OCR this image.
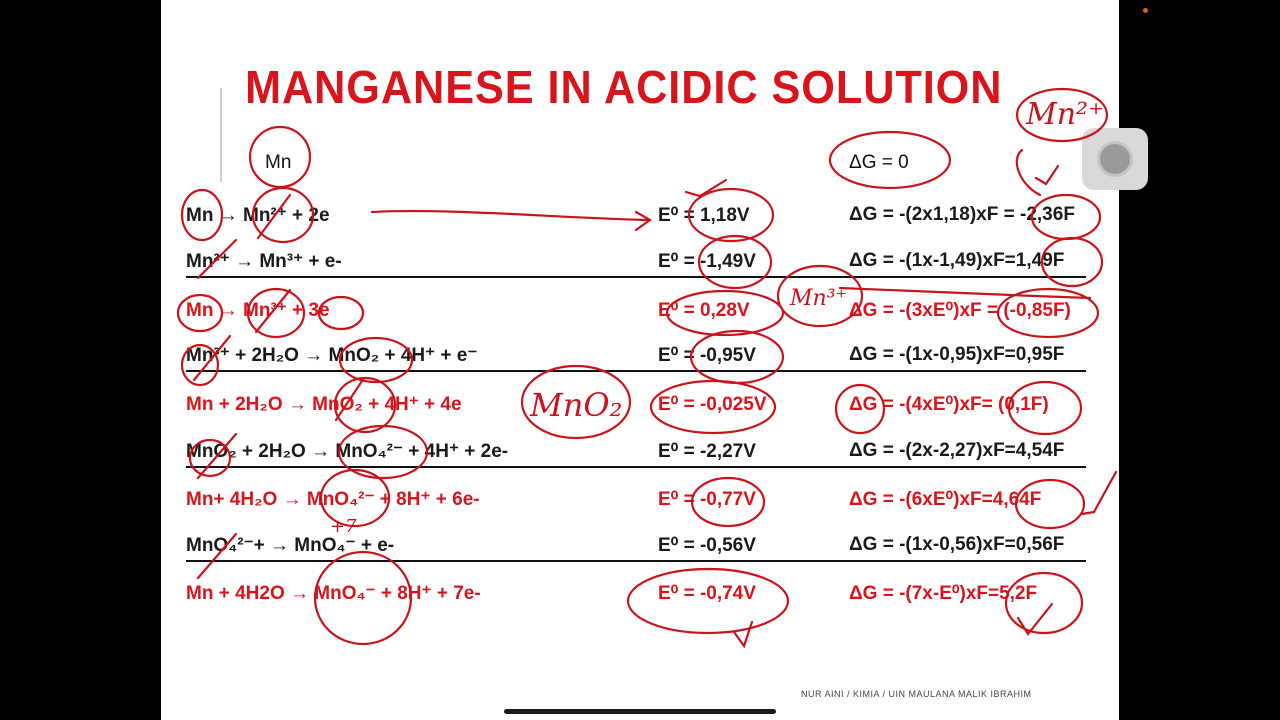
MANGANESE IN ACIDIC SOLUTION
Mn	ΔG = 0
Mn → Mn²⁺ + 2e	E⁰ = 1,18V	ΔG = -(2x1,18)xF = -2,36F
Mn²⁺ → Mn³⁺ + e-	E⁰ = -1,49V	ΔG = -(1x-1,49)xF=1,49F
Mn → Mn³⁺ + 3e	E⁰ = 0,28V	ΔG = -(3xE⁰)xF = (-0,85F)
Mn³⁺ + 2H₂O → MnO₂ + 4H⁺ + e⁻	E⁰ = -0,95V	ΔG = -(1x-0,95)xF=0,95F
Mn + 2H₂O → MnO₂ + 4H⁺ + 4e	E⁰ = -0,025V	ΔG = -(4xE⁰)xF= (0,1F)
MnO₂ + 2H₂O → MnO₄²⁻ + 4H⁺ + 2e-	E⁰ = -2,27V	ΔG = -(2x-2,27)xF=4,54F
Mn+ 4H₂O → MnO₄²⁻ + 8H⁺ + 6e-	E⁰ = -0,77V	ΔG = -(6xE⁰)xF=4,64F
MnO₄²⁻+ → MnO₄⁻ + e-	E⁰ = -0,56V	ΔG = -(1x-0,56)xF=0,56F
Mn + 4H2O → MnO₄⁻ + 8H⁺ + 7e-	E⁰ = -0,74V	ΔG = -(7x-E⁰)xF=5,2F
NUR AINI / KIMIA / UIN MAULANA MALIK IBRAHIM
Mn²⁺
Mn³⁺
MnO₂
+7
